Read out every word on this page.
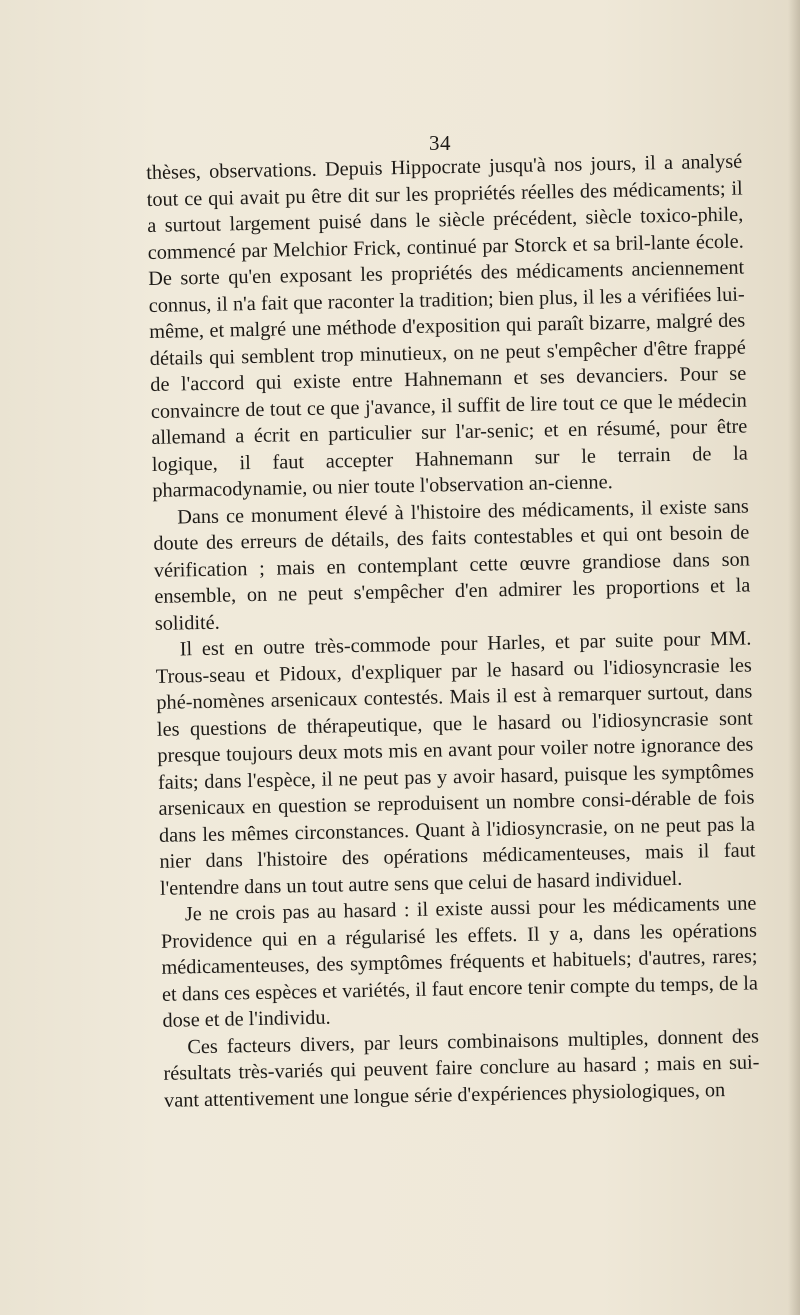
34

thèses, observations. Depuis Hippocrate jusqu'à nos jours, il a analysé tout ce qui avait pu être dit sur les propriétés réelles des médicaments; il a surtout largement puisé dans le siècle précédent, siècle toxico-phile, commencé par Melchior Frick, continué par Storck et sa bril-lante école. De sorte qu'en exposant les propriétés des médicaments anciennement connus, il n'a fait que raconter la tradition; bien plus, il les a vérifiées lui-même, et malgré une méthode d'exposition qui paraît bizarre, malgré des détails qui semblent trop minutieux, on ne peut s'empêcher d'être frappé de l'accord qui existe entre Hahnemann et ses devanciers. Pour se convaincre de tout ce que j'avance, il suffit de lire tout ce que le médecin allemand a écrit en particulier sur l'ar-senic; et en résumé, pour être logique, il faut accepter Hahnemann sur le terrain de la pharmacodynamie, ou nier toute l'observation an-cienne.

Dans ce monument élevé à l'histoire des médicaments, il existe sans doute des erreurs de détails, des faits contestables et qui ont besoin de vérification ; mais en contemplant cette œuvre grandiose dans son ensemble, on ne peut s'empêcher d'en admirer les proportions et la solidité.

Il est en outre très-commode pour Harles, et par suite pour MM. Trous-seau et Pidoux, d'expliquer par le hasard ou l'idiosyncrasie les phé-nomènes arsenicaux contestés. Mais il est à remarquer surtout, dans les questions de thérapeutique, que le hasard ou l'idiosyncrasie sont presque toujours deux mots mis en avant pour voiler notre ignorance des faits; dans l'espèce, il ne peut pas y avoir hasard, puisque les symptômes arsenicaux en question se reproduisent un nombre consi-dérable de fois dans les mêmes circonstances. Quant à l'idiosyncrasie, on ne peut pas la nier dans l'histoire des opérations médicamenteuses, mais il faut l'entendre dans un tout autre sens que celui de hasard individuel.

Je ne crois pas au hasard : il existe aussi pour les médicaments une Providence qui en a régularisé les effets. Il y a, dans les opérations médicamenteuses, des symptômes fréquents et habituels; d'autres, rares; et dans ces espèces et variétés, il faut encore tenir compte du temps, de la dose et de l'individu.

Ces facteurs divers, par leurs combinaisons multiples, donnent des résultats très-variés qui peuvent faire conclure au hasard ; mais en sui-vant attentivement une longue série d'expériences physiologiques, on
